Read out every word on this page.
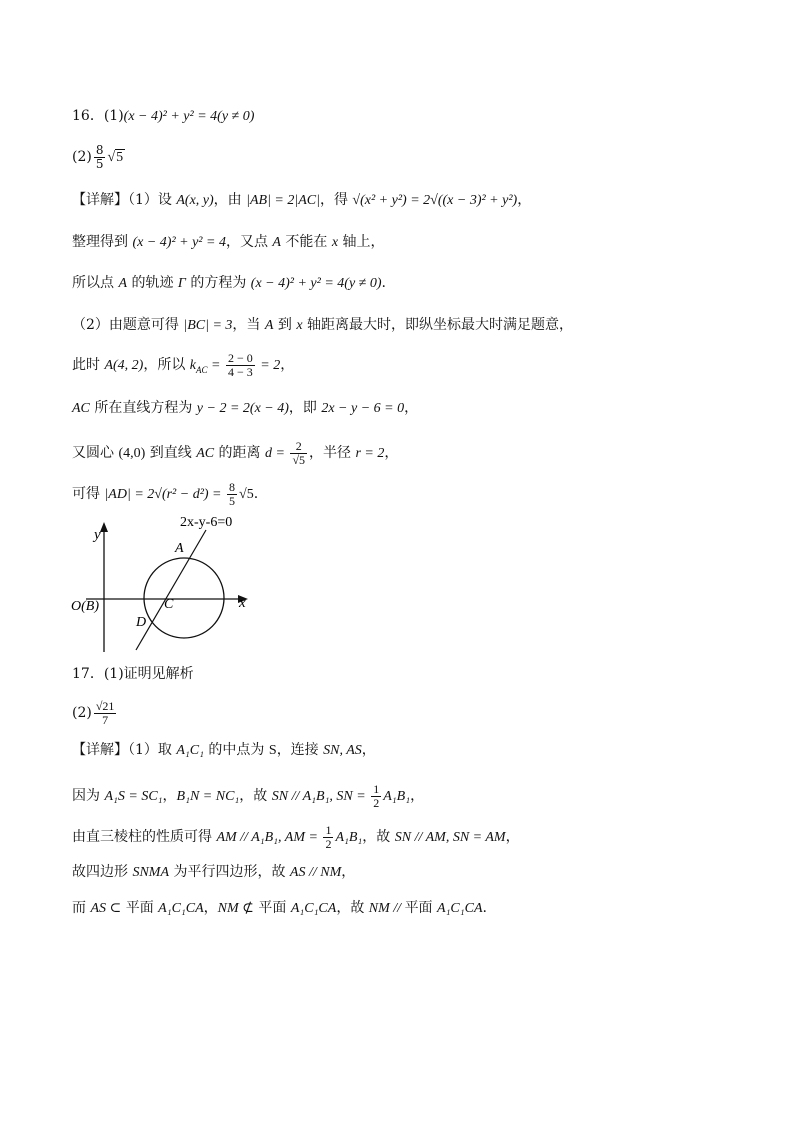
16．(1)(x − 4)² + y² = 4(y ≠ 0)
$(2) \frac{8}{5} √5$
【详解】（1）设 A(x, y)，由 |AB| = 2|AC|，得 √(x² + y²) = 2√((x − 3)² + y²)，
整理得到 (x − 4)² + y² = 4，又点 A 不能在 x 轴上，
所以点 A 的轨迹 Γ 的方程为 (x − 4)² + y² = 4(y ≠ 0).
（2）由题意可得 |BC| = 3，当 A 到 x 轴距离最大时，即纵坐标最大时满足题意，
此时 A(4, 2)，所以 $k_{AC} = \frac{2 - 0}{4 - 3} = 2$，
AC 所在直线方程为 y − 2 = 2(x − 4)，即 2x − y − 6 = 0，
又圆心 (4,0) 到直线 AC 的距离 $d = \frac{2}{√5}$ ，半径 r = 2，
可得 $|AD| = 2√(r^2 - d^2) = \frac{8}{5} √5$.
2x-y-6=0
y
x
O(B)
A
C
D
17．(1)证明见解析
$(2) \frac{√21}{7}$
【详解】（1）取 A₁C₁ 的中点为 S，连接 SN, AS，
因为 A₁S = SC₁，B₁N = NC₁，故 SN // A₁B₁, SN = $\frac{1}{2} A_1B_1$，
由直三棱柱的性质可得 AM // A₁B₁, AM = $\frac{1}{2} A_1B_1$，故 SN // AM, SN = AM，
故四边形 SNMA 为平行四边形，故 AS // NM，
而 AS ⊂ 平面 A₁C₁CA，NM ⊄ 平面 A₁C₁CA，故 NM // 平面 A₁C₁CA.
